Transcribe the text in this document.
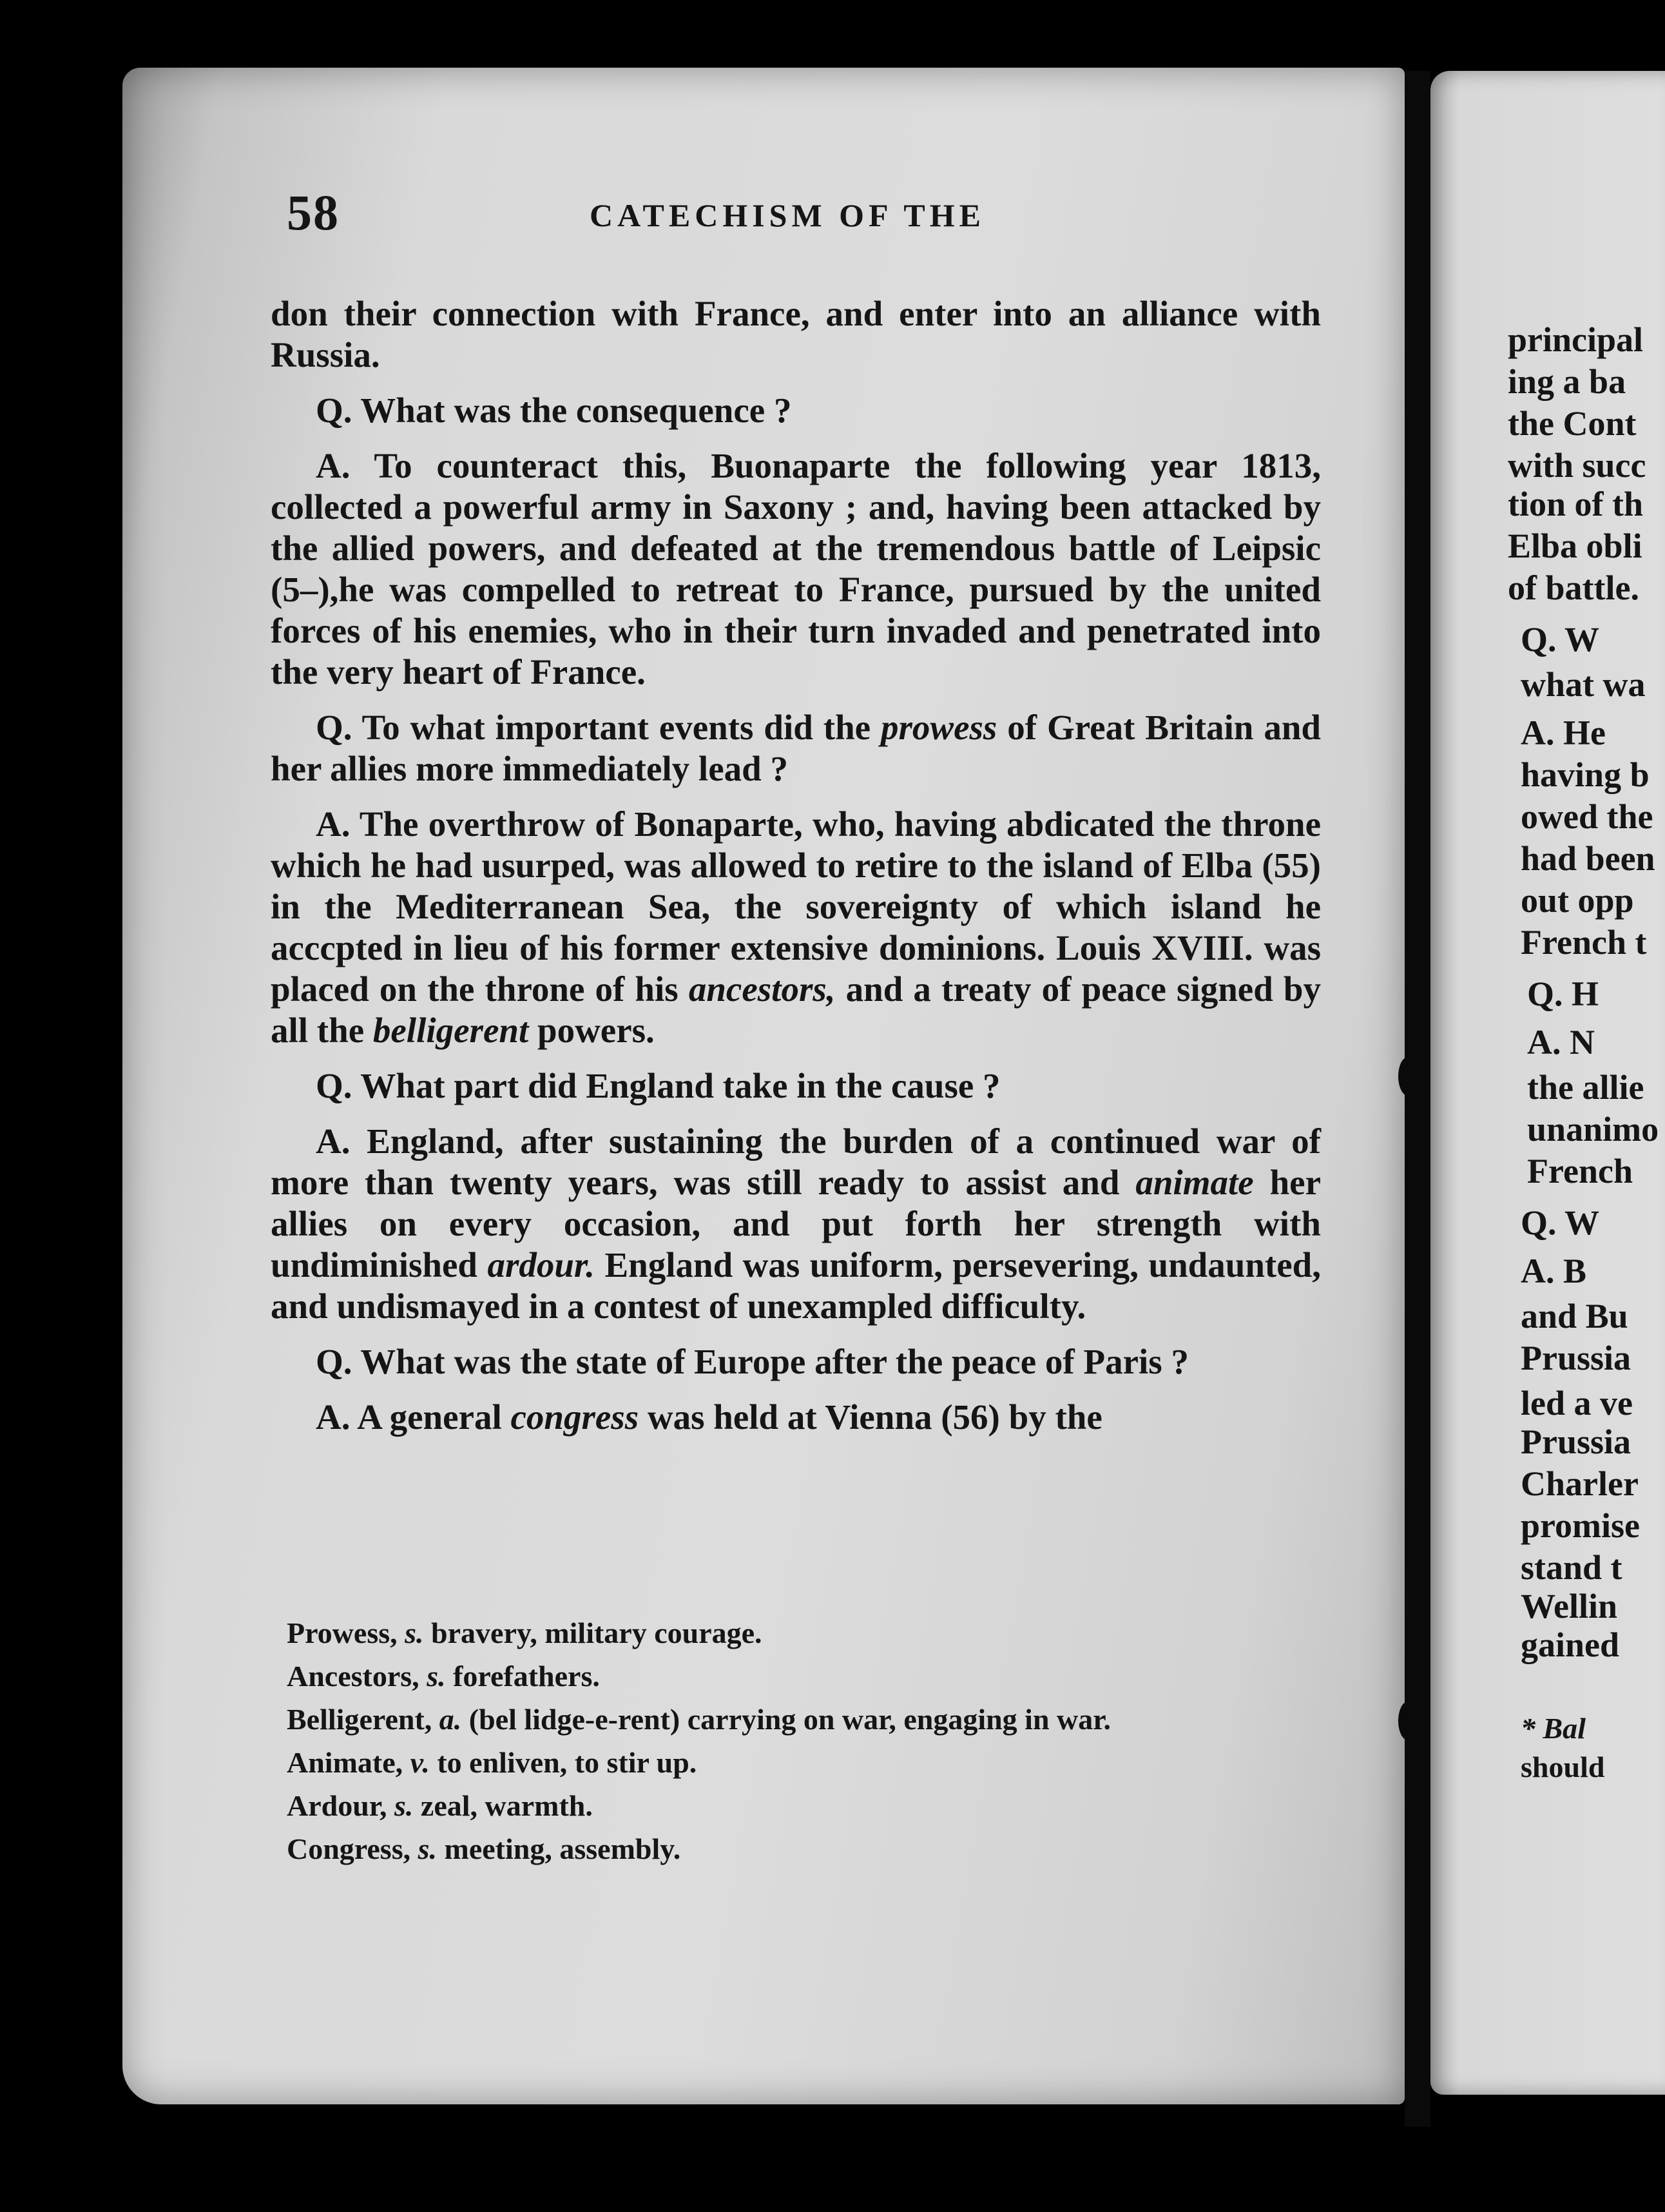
58	CATECHISM OF THE

don their connection with France, and enter into an alliance with Russia.

Q. What was the consequence ?

A. To counteract this, Buonaparte the following year 1813, collected a powerful army in Saxony ; and, having been attacked by the allied powers, and defeated at the tremendous battle of Leipsic (5–),he was compelled to retreat to France, pursued by the united forces of his enemies, who in their turn invaded and penetrated into the very heart of France.

Q. To what important events did the prowess of Great Britain and her allies more immediately lead ?

A. The overthrow of Bonaparte, who, having abdicated the throne which he had usurped, was allowed to retire to the island of Elba (55) in the Mediterranean Sea, the sovereignty of which island he acccpted in lieu of his former extensive dominions. Louis XVIII. was placed on the throne of his ancestors, and a treaty of peace signed by all the belligerent powers.

Q. What part did England take in the cause ?

A. England, after sustaining the burden of a continued war of more than twenty years, was still ready to assist and animate her allies on every occasion, and put forth her strength with undiminished ardour. England was uniform, persevering, undaunted, and undismayed in a contest of unexampled difficulty.

Q. What was the state of Europe after the peace of Paris ?

A. A general congress was held at Vienna (56) by the

Prowess, s. bravery, military courage.
Ancestors, s. forefathers.
Belligerent, a. (bel lidge-e-rent) carrying on war, engaging in war.
Animate, v. to enliven, to stir up.
Ardour, s. zeal, warmth.
Congress, s. meeting, assembly.
principal
ing a ba
the Cont
with succ
tion of th
Elba obli
of battle.
Q. W
what wa
A. He
having b
owed the
had been
out opp
French t
Q. H
A. N
the allie
unanimo
French
Q. W
A. B
and Bu
Prussia
led a ve
Prussia
Charler
promise
stand t
Wellin
gained
* Bal
should
